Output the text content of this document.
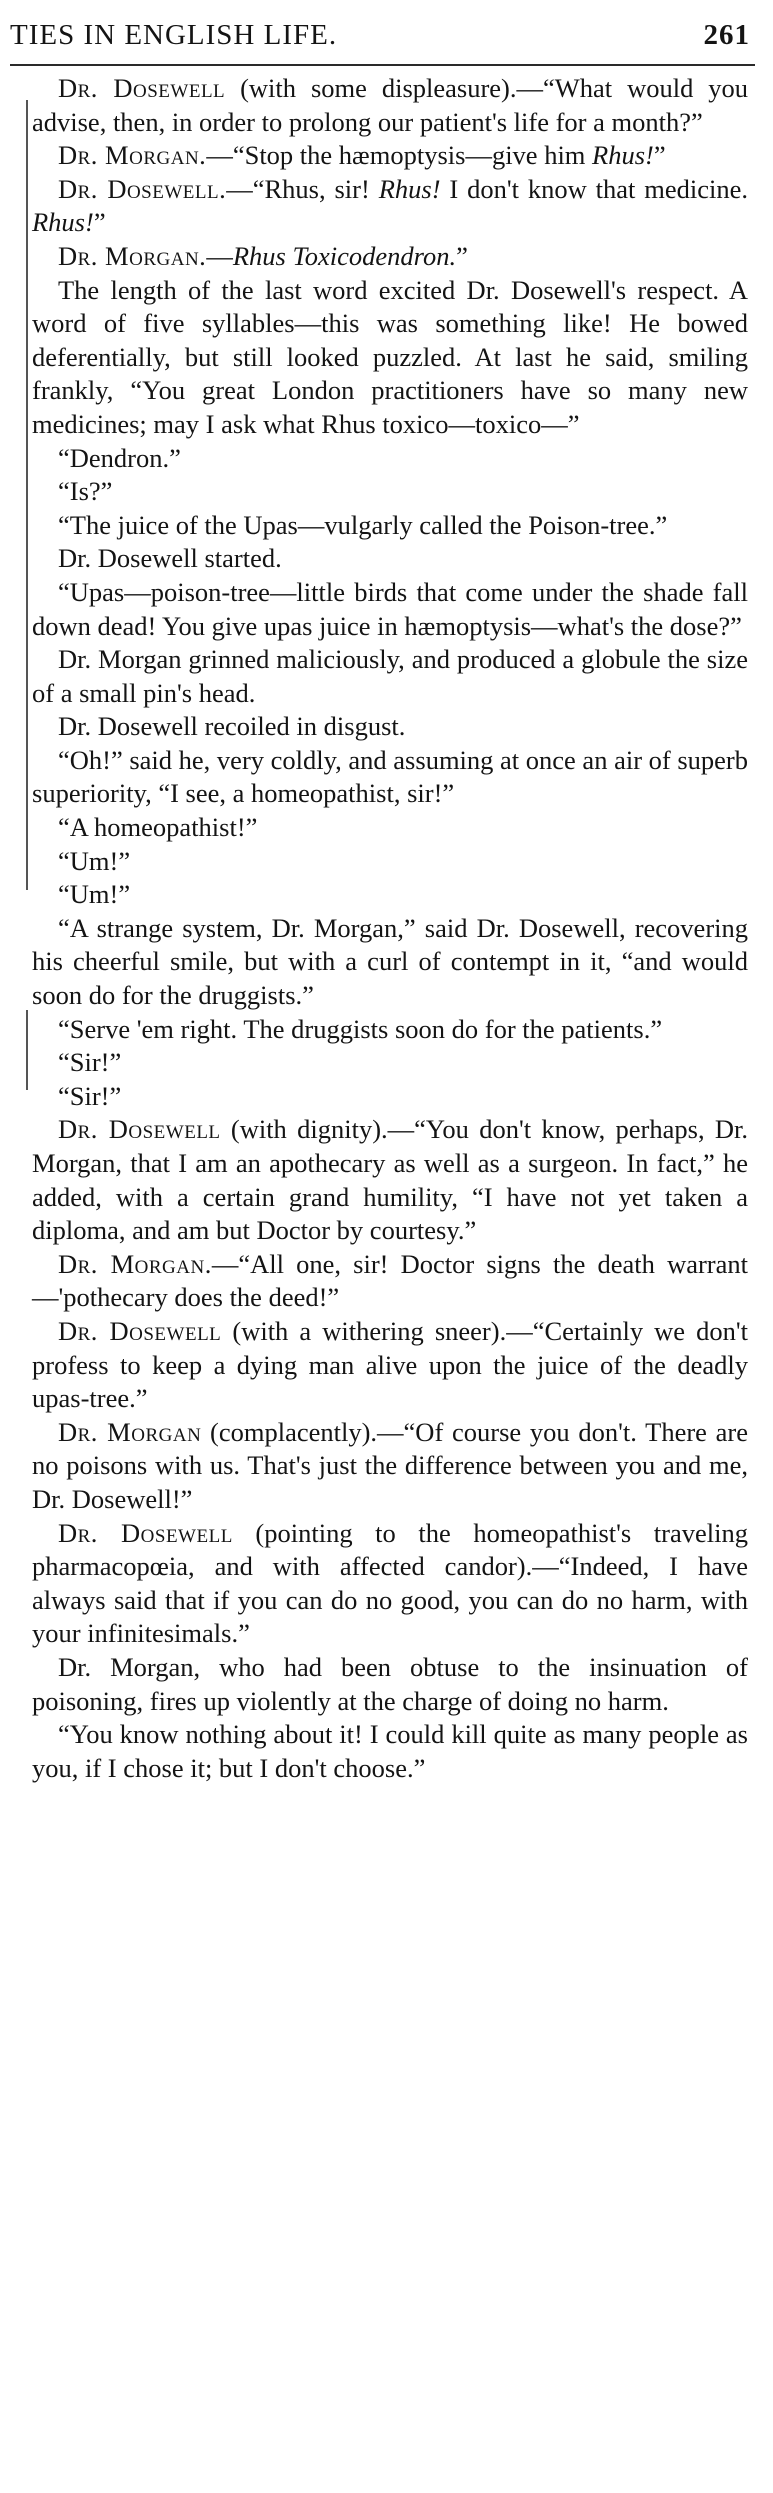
TIES IN ENGLISH LIFE.	261

Dr. Dosewell (with some displeasure).—“What would you advise, then, in order to prolong our patient's life for a month?”

Dr. Morgan.—“Stop the hæmoptysis—give him Rhus!”

Dr. Dosewell.—“Rhus, sir! Rhus! I don't know that medicine. Rhus!”

Dr. Morgan.—Rhus Toxicodendron.”

The length of the last word excited Dr. Dosewell's respect. A word of five syllables—this was something like! He bowed deferentially, but still looked puzzled. At last he said, smiling frankly, “You great London practitioners have so many new medicines; may I ask what Rhus toxico—toxico—”

“Dendron.”

“Is?”

“The juice of the Upas—vulgarly called the Poison-tree.”

Dr. Dosewell started.

“Upas—poison-tree—little birds that come under the shade fall down dead! You give upas juice in hæmoptysis—what's the dose?”

Dr. Morgan grinned maliciously, and produced a globule the size of a small pin's head.

Dr. Dosewell recoiled in disgust.

“Oh!” said he, very coldly, and assuming at once an air of superb superiority, “I see, a homeopathist, sir!”

“A homeopathist!”

“Um!”

“Um!”

“A strange system, Dr. Morgan,” said Dr. Dosewell, recovering his cheerful smile, but with a curl of contempt in it, “and would soon do for the druggists.”

“Serve 'em right. The druggists soon do for the patients.”

“Sir!”

“Sir!”

Dr. Dosewell (with dignity).—“You don't know, perhaps, Dr. Morgan, that I am an apothecary as well as a surgeon. In fact,” he added, with a certain grand humility, “I have not yet taken a diploma, and am but Doctor by courtesy.”

Dr. Morgan.—“All one, sir! Doctor signs the death warrant—'pothecary does the deed!”

Dr. Dosewell (with a withering sneer).—“Certainly we don't profess to keep a dying man alive upon the juice of the deadly upas-tree.”

Dr. Morgan (complacently).—“Of course you don't. There are no poisons with us. That's just the difference between you and me, Dr. Dosewell!”

Dr. Dosewell (pointing to the homeopathist's traveling pharmacopœia, and with affected candor).—“Indeed, I have always said that if you can do no good, you can do no harm, with your infinitesimals.”

Dr. Morgan, who had been obtuse to the insinuation of poisoning, fires up violently at the charge of doing no harm.

“You know nothing about it! I could kill quite as many people as you, if I chose it; but I don't choose.”
